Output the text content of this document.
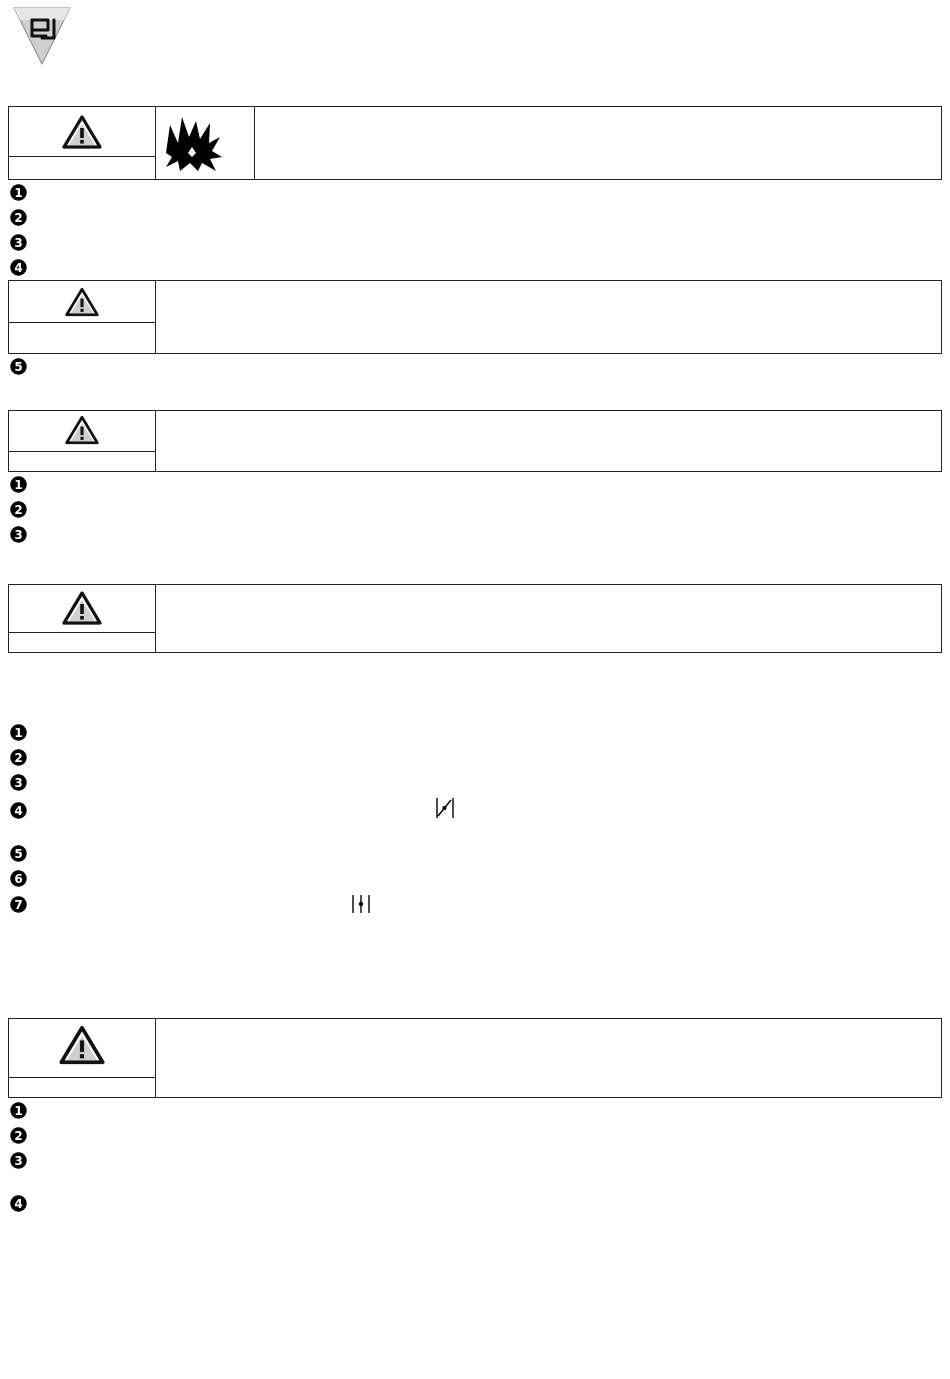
1
2
3
4
5
1
2
3
1
2
3
4
5
6
7
1
2
3
4
